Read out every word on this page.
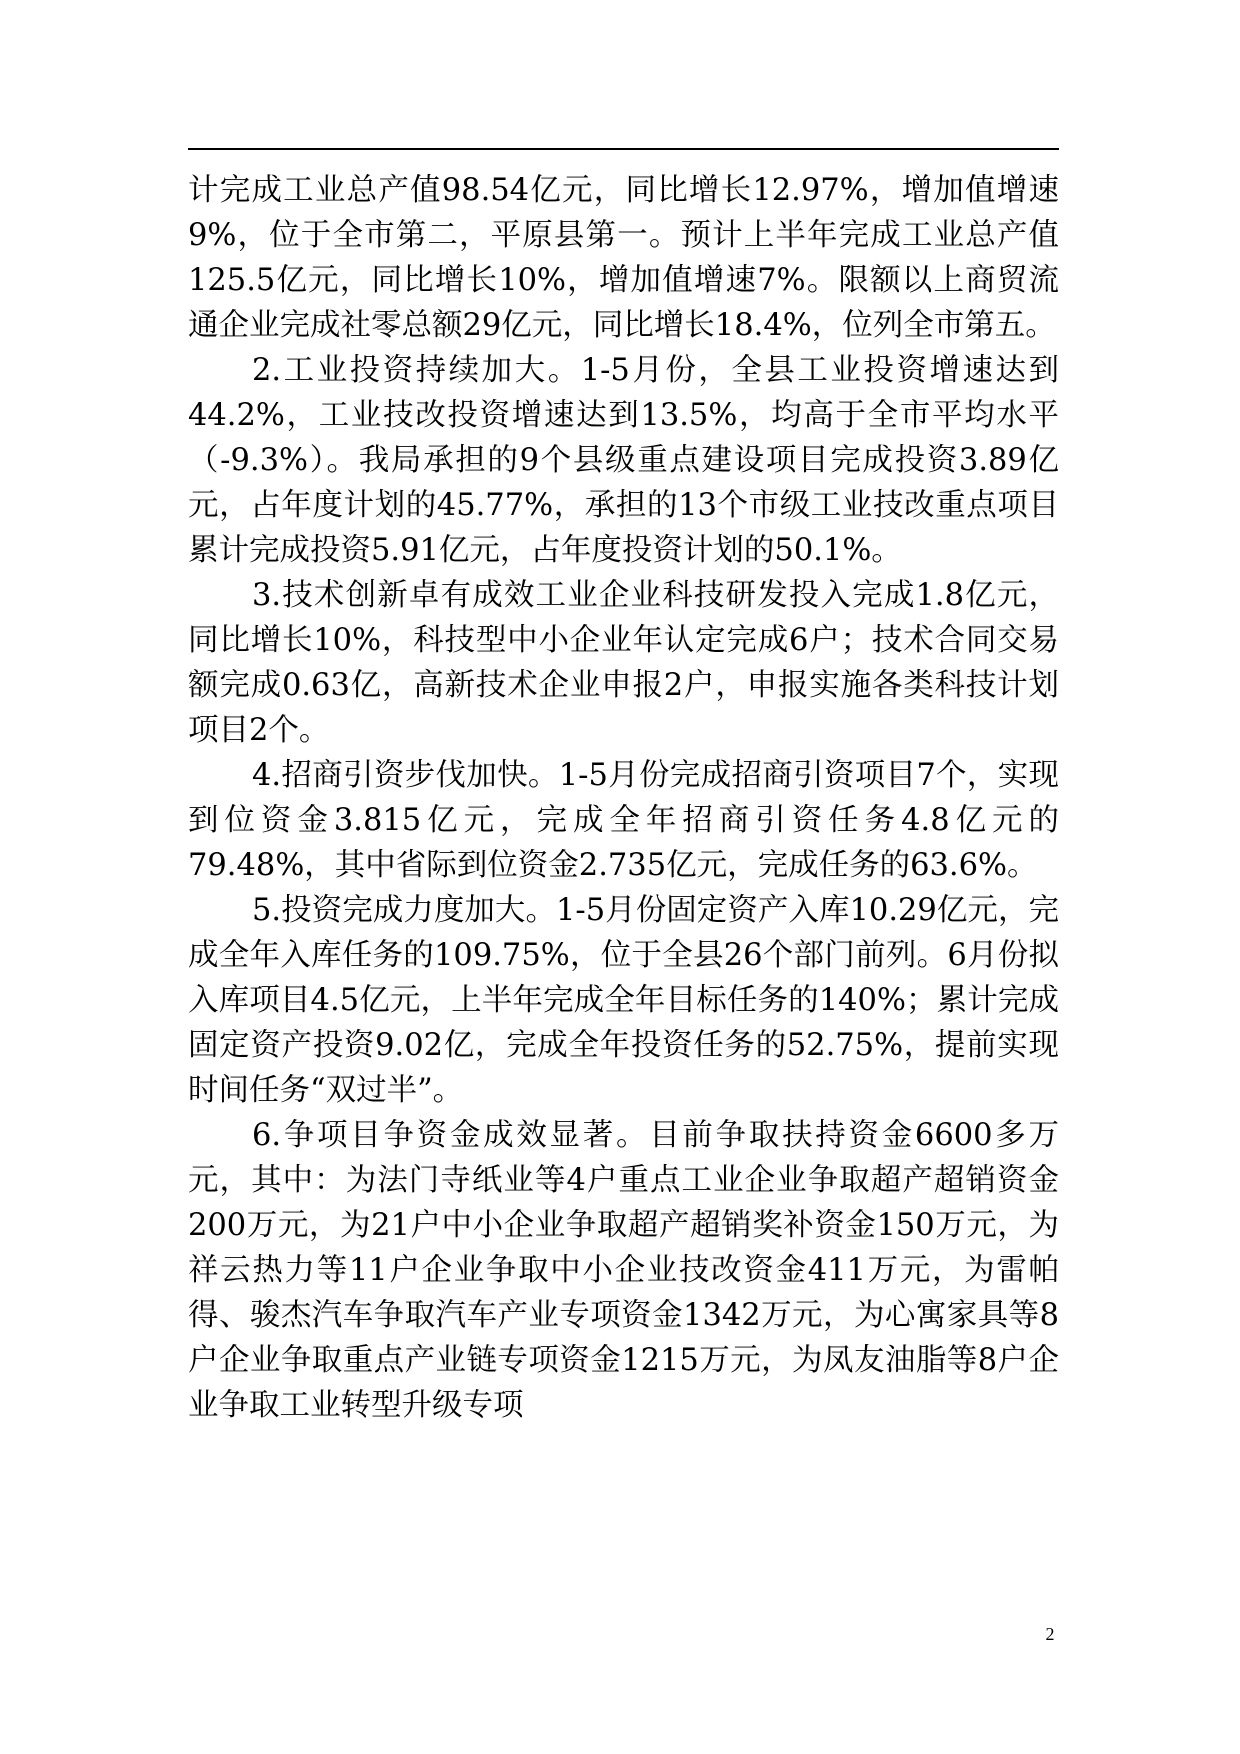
计完成工业总产值98.54亿元，同比增长12.97%，增加值增速9%，位于全市第二，平原县第一。预计上半年完成工业总产值125.5亿元，同比增长10%，增加值增速7%。限额以上商贸流通企业完成社零总额29亿元，同比增长18.4%，位列全市第五。

2.工业投资持续加大。1-5月份，全县工业投资增速达到44.2%，工业技改投资增速达到13.5%，均高于全市平均水平（-9.3%）。我局承担的9个县级重点建设项目完成投资3.89亿元，占年度计划的45.77%，承担的13个市级工业技改重点项目累计完成投资5.91亿元，占年度投资计划的50.1%。

3.技术创新卓有成效工业企业科技研发投入完成1.8亿元，同比增长10%，科技型中小企业年认定完成6户；技术合同交易额完成0.63亿，高新技术企业申报2户，申报实施各类科技计划项目2个。

4.招商引资步伐加快。1-5月份完成招商引资项目7个，实现到位资金3.815亿元，完成全年招商引资任务4.8亿元的79.48%，其中省际到位资金2.735亿元，完成任务的63.6%。

5.投资完成力度加大。1-5月份固定资产入库10.29亿元，完成全年入库任务的109.75%，位于全县26个部门前列。6月份拟入库项目4.5亿元，上半年完成全年目标任务的140%；累计完成固定资产投资9.02亿，完成全年投资任务的52.75%，提前实现时间任务“双过半”。

6.争项目争资金成效显著。目前争取扶持资金6600多万元，其中：为法门寺纸业等4户重点工业企业争取超产超销资金200万元，为21户中小企业争取超产超销奖补资金150万元，为祥云热力等11户企业争取中小企业技改资金411万元，为雷帕得、骏杰汽车争取汽车产业专项资金1342万元，为心寓家具等8户企业争取重点产业链专项资金1215万元，为凤友油脂等8户企业争取工业转型升级专项

2
